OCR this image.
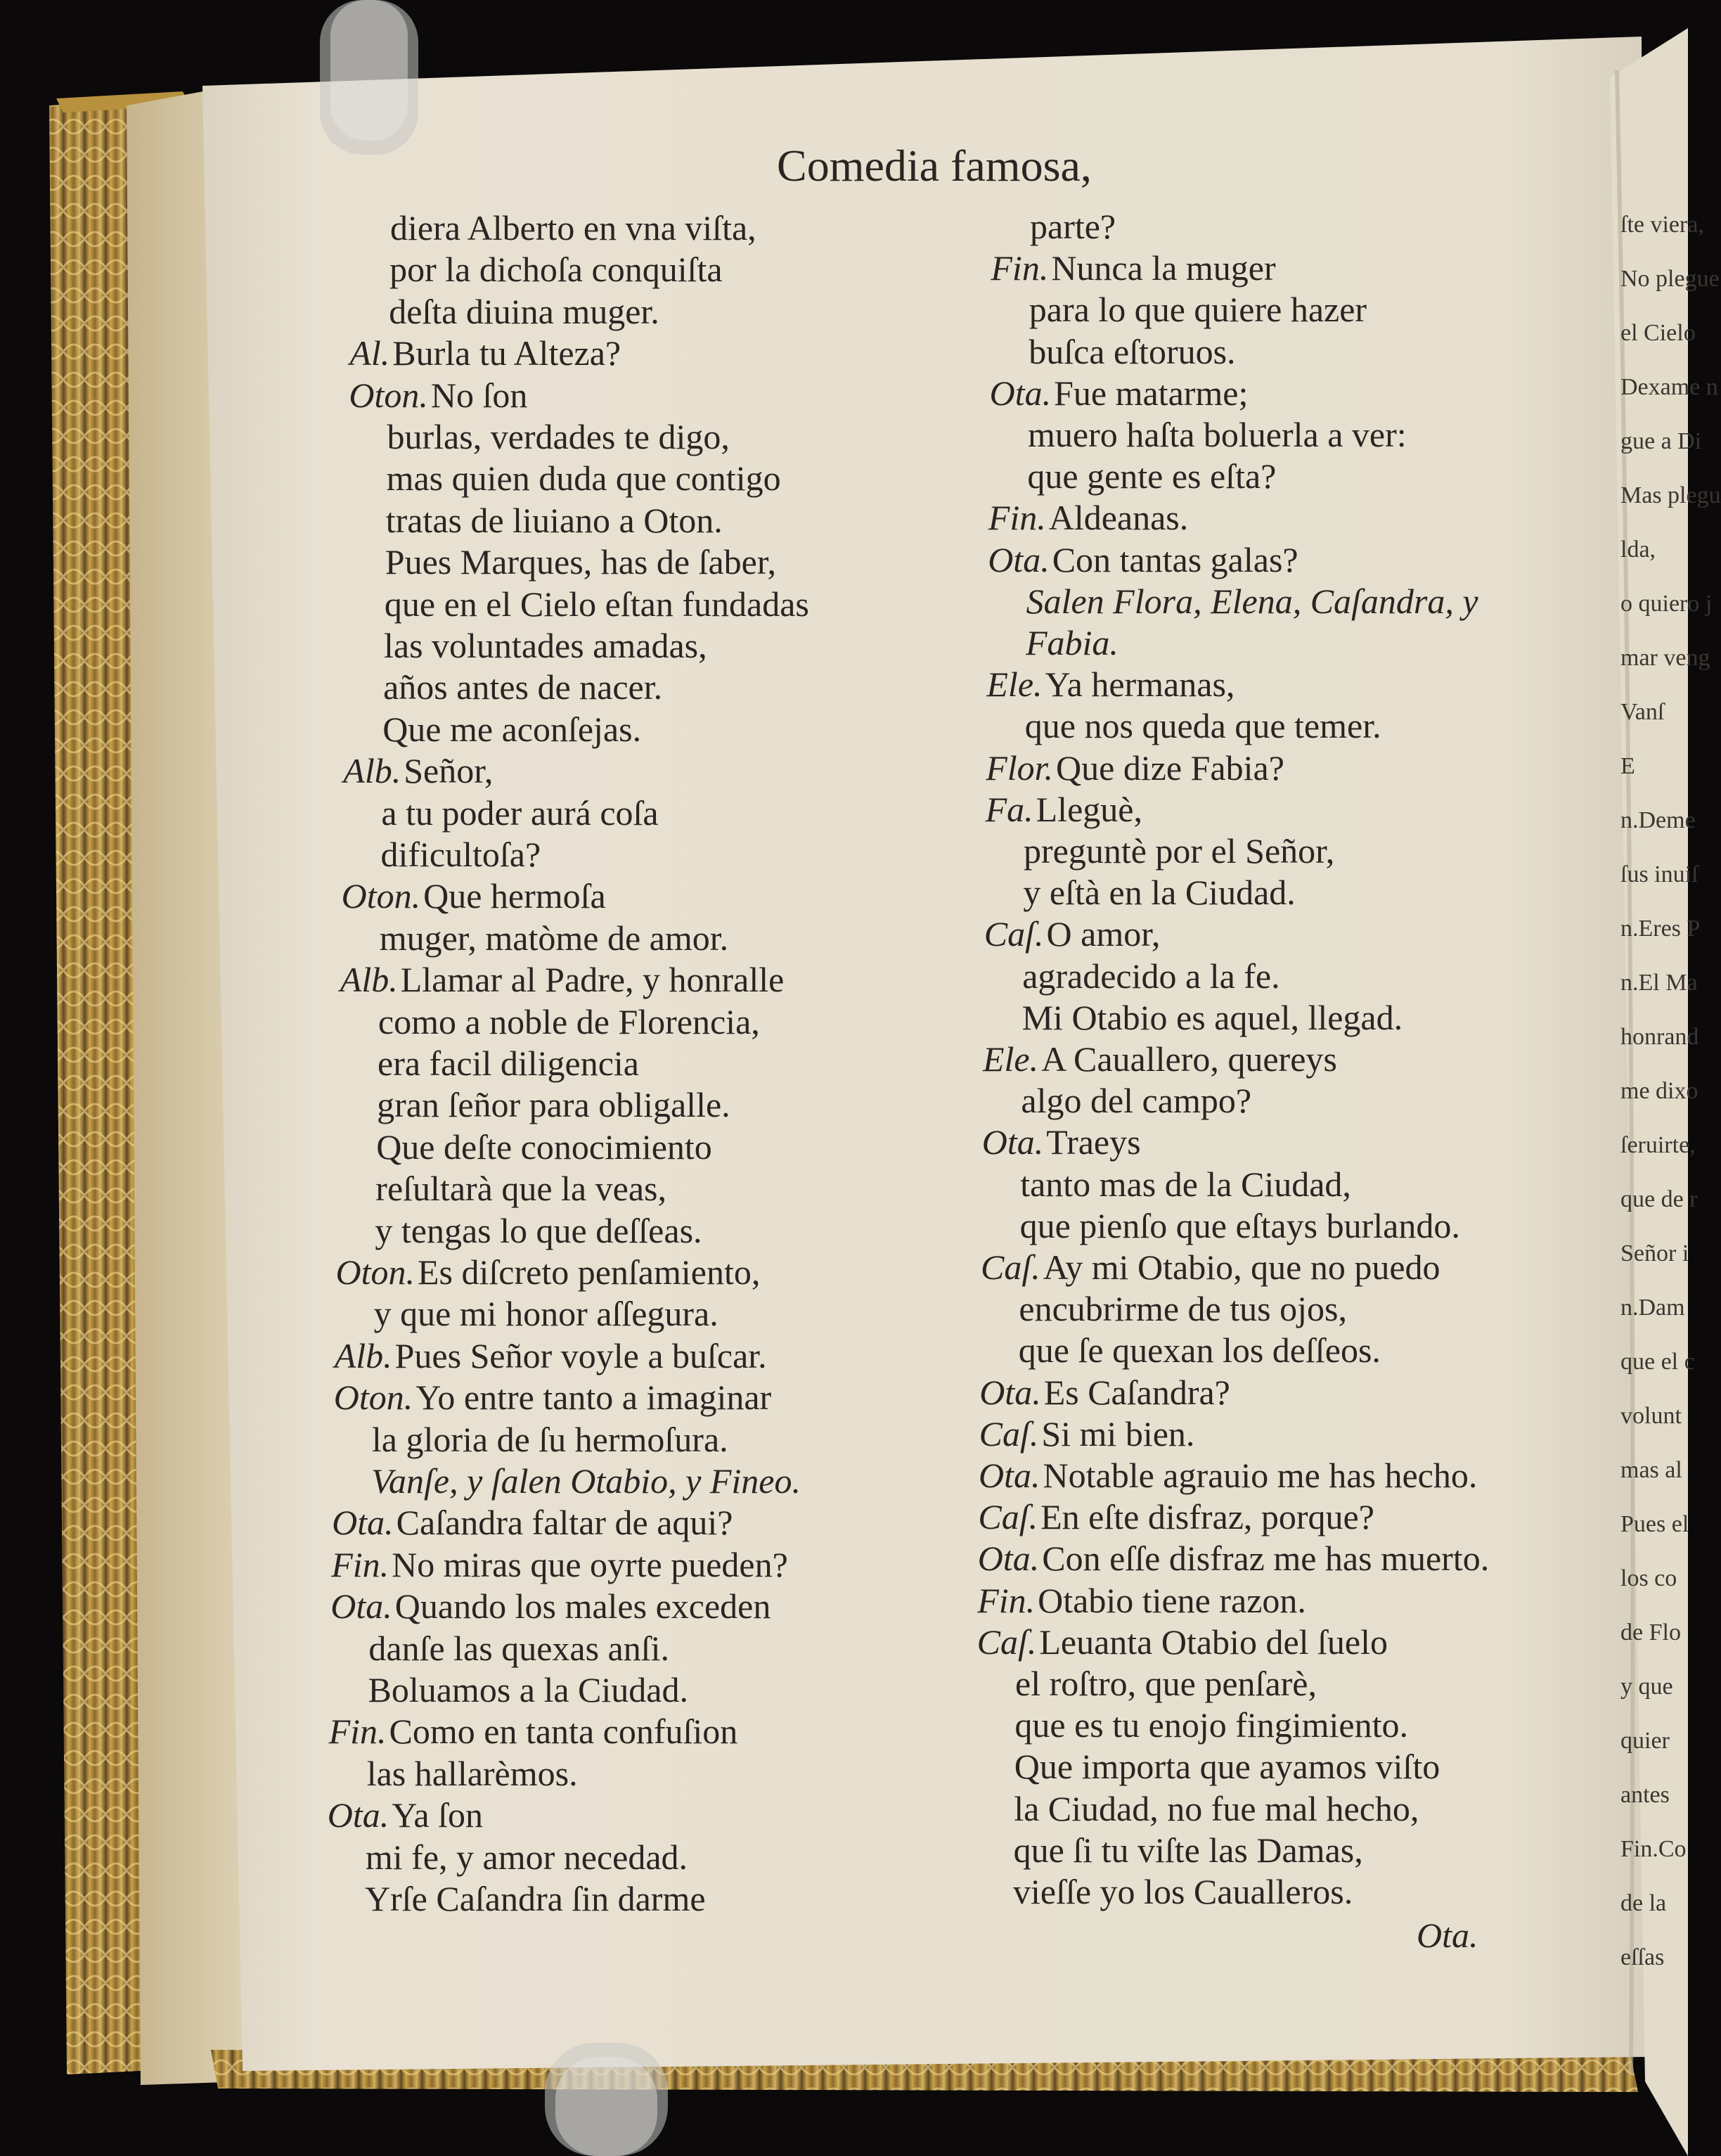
Comedia famosa,
diera Alberto en vna viſta,
por la dichoſa conquiſta
deſta diuina muger.
Al.Burla tu Alteza?
Oton.No ſon
burlas, verdades te digo,
mas quien duda que contigo
tratas de liuiano a Oton.
Pues Marques, has de ſaber,
que en el Cielo eſtan fundadas
las voluntades amadas,
años antes de nacer.
Que me aconſejas.
Alb.Señor,
a tu poder aurá coſa
dificultoſa?
Oton.Que hermoſa
muger, matòme de amor.
Alb.Llamar al Padre, y honralle
como a noble de Florencia,
era facil diligencia
gran ſeñor para obligalle.
Que deſte conocimiento
reſultarà que la veas,
y tengas lo que deſſeas.
Oton.Es diſcreto penſamiento,
y que mi honor aſſegura.
Alb.Pues Señor voyle a buſcar.
Oton.Yo entre tanto a imaginar
la gloria de ſu hermoſura.
Vanſe, y ſalen Otabio, y Fineo.
Ota.Caſandra faltar de aqui?
Fin.No miras que oyrte pueden?
Ota.Quando los males exceden
danſe las quexas anſi.
Boluamos a la Ciudad.
Fin.Como en tanta confuſion
las hallarèmos.
Ota.Ya ſon
mi fe, y amor necedad.
Yrſe Caſandra ſin darme
parte?
Fin.Nunca la muger
para lo que quiere hazer
buſca eſtoruos.
Ota.Fue matarme;
muero haſta boluerla a ver:
que gente es eſta?
Fin.Aldeanas.
Ota.Con tantas galas?
Salen Flora, Elena, Caſandra, y
Fabia.
Ele.Ya hermanas,
que nos queda que temer.
Flor.Que dize Fabia?
Fa.Lleguè,
preguntè por el Señor,
y eſtà en la Ciudad.
Caſ.O amor,
agradecido a la fe.
Mi Otabio es aquel, llegad.
Ele.A Cauallero, quereys
algo del campo?
Ota.Traeys
tanto mas de la Ciudad,
que pienſo que eſtays burlando.
Caſ.Ay mi Otabio, que no puedo
encubrirme de tus ojos,
que ſe quexan los deſſeos.
Ota.Es Caſandra?
Caſ.Si mi bien.
Ota.Notable agrauio me has hecho.
Caſ.En eſte disfraz, porque?
Ota.Con eſſe disfraz me has muerto.
Fin.Otabio tiene razon.
Caſ.Leuanta Otabio del ſuelo
el roſtro, que penſarè,
que es tu enojo fingimiento.
Que importa que ayamos viſto
la Ciudad, no fue mal hecho,
que ſi tu viſte las Damas,
vieſſe yo los Caualleros.
Ota.
ſte viera,
No plegue
el Cielo
Dexame n
gue a Di
Mas plegu
lda,
o quiero j
mar veng
Vanſ
E
n.Deme
ſus inuiſ
n.Eres P
n.El Ma
honrand
me dixo
ſeruirte,
que de r
Señor i
n.Dam
que el c
volunt
mas al
Pues el
los co
de Flo
y que
quier
antes
Fin.Co
de la
eſſas
